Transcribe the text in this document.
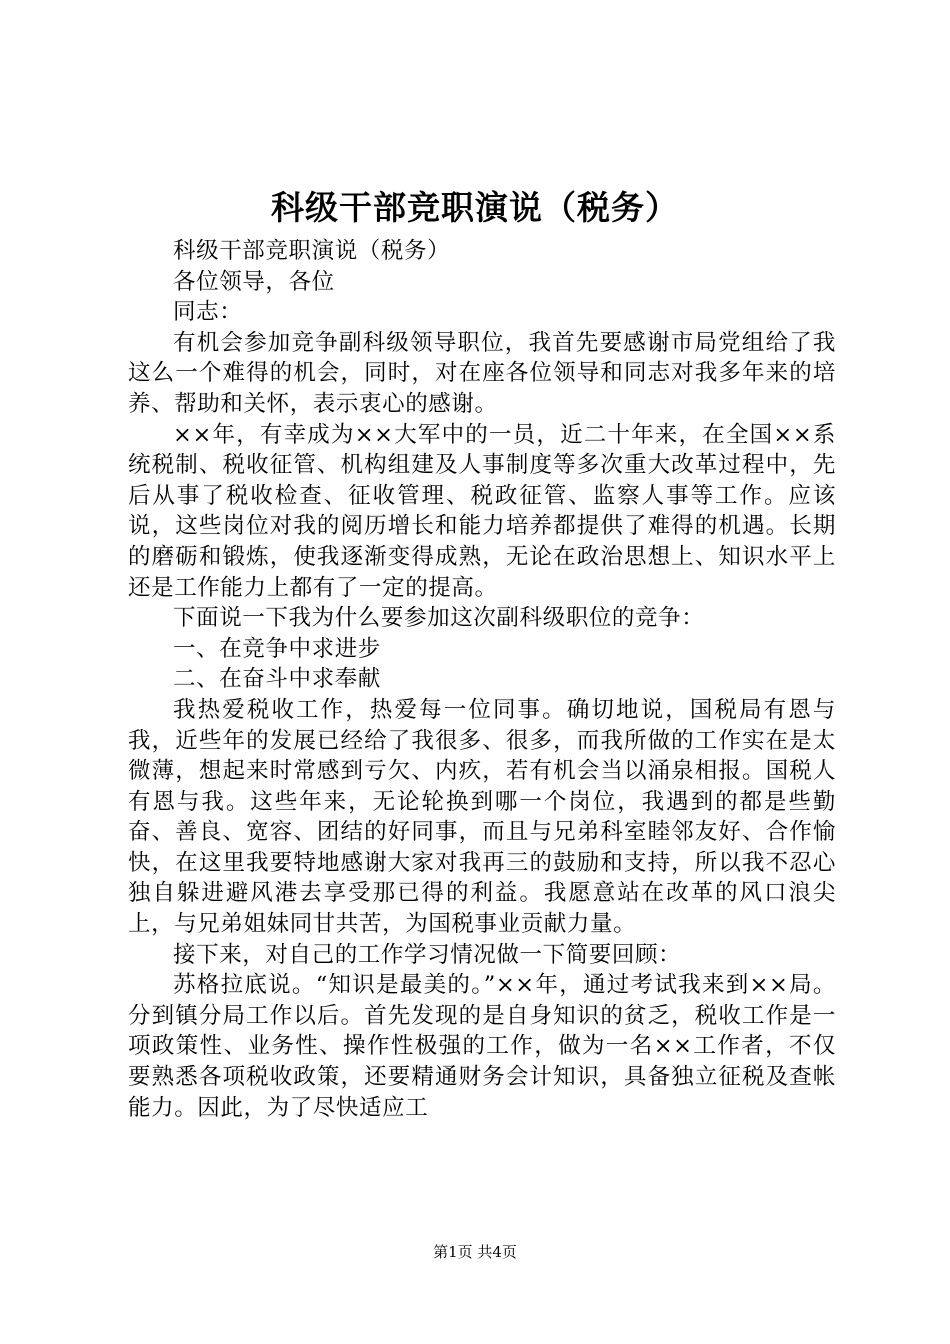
科级干部竞职演说（税务）

科级干部竞职演说（税务）

各位领导，各位

同志：

有机会参加竞争副科级领导职位，我首先要感谢市局党组给了我这么一个难得的机会，同时，对在座各位领导和同志对我多年来的培养、帮助和关怀，表示衷心的感谢。

××年，有幸成为××大军中的一员，近二十年来，在全国××系统税制、税收征管、机构组建及人事制度等多次重大改革过程中，先后从事了税收检查、征收管理、税政征管、监察人事等工作。应该说，这些岗位对我的阅历增长和能力培养都提供了难得的机遇。长期的磨砺和锻炼，使我逐渐变得成熟，无论在政治思想上、知识水平上还是工作能力上都有了一定的提高。

下面说一下我为什么要参加这次副科级职位的竞争：

一、在竞争中求进步

二、在奋斗中求奉献

我热爱税收工作，热爱每一位同事。确切地说，国税局有恩与我，近些年的发展已经给了我很多、很多，而我所做的工作实在是太微薄，想起来时常感到亏欠、内疚，若有机会当以涌泉相报。国税人有恩与我。这些年来，无论轮换到哪一个岗位，我遇到的都是些勤奋、善良、宽容、团结的好同事，而且与兄弟科室睦邻友好、合作愉快，在这里我要特地感谢大家对我再三的鼓励和支持，所以我不忍心独自躲进避风港去享受那已得的利益。我愿意站在改革的风口浪尖上，与兄弟姐妹同甘共苦，为国税事业贡献力量。

接下来，对自己的工作学习情况做一下简要回顾：

苏格拉底说。“知识是最美的。”××年，通过考试我来到××局。分到镇分局工作以后。首先发现的是自身知识的贫乏，税收工作是一项政策性、业务性、操作性极强的工作，做为一名××工作者，不仅要熟悉各项税收政策，还要精通财务会计知识，具备独立征税及查帐能力。因此，为了尽快适应工

第1页 共4页
